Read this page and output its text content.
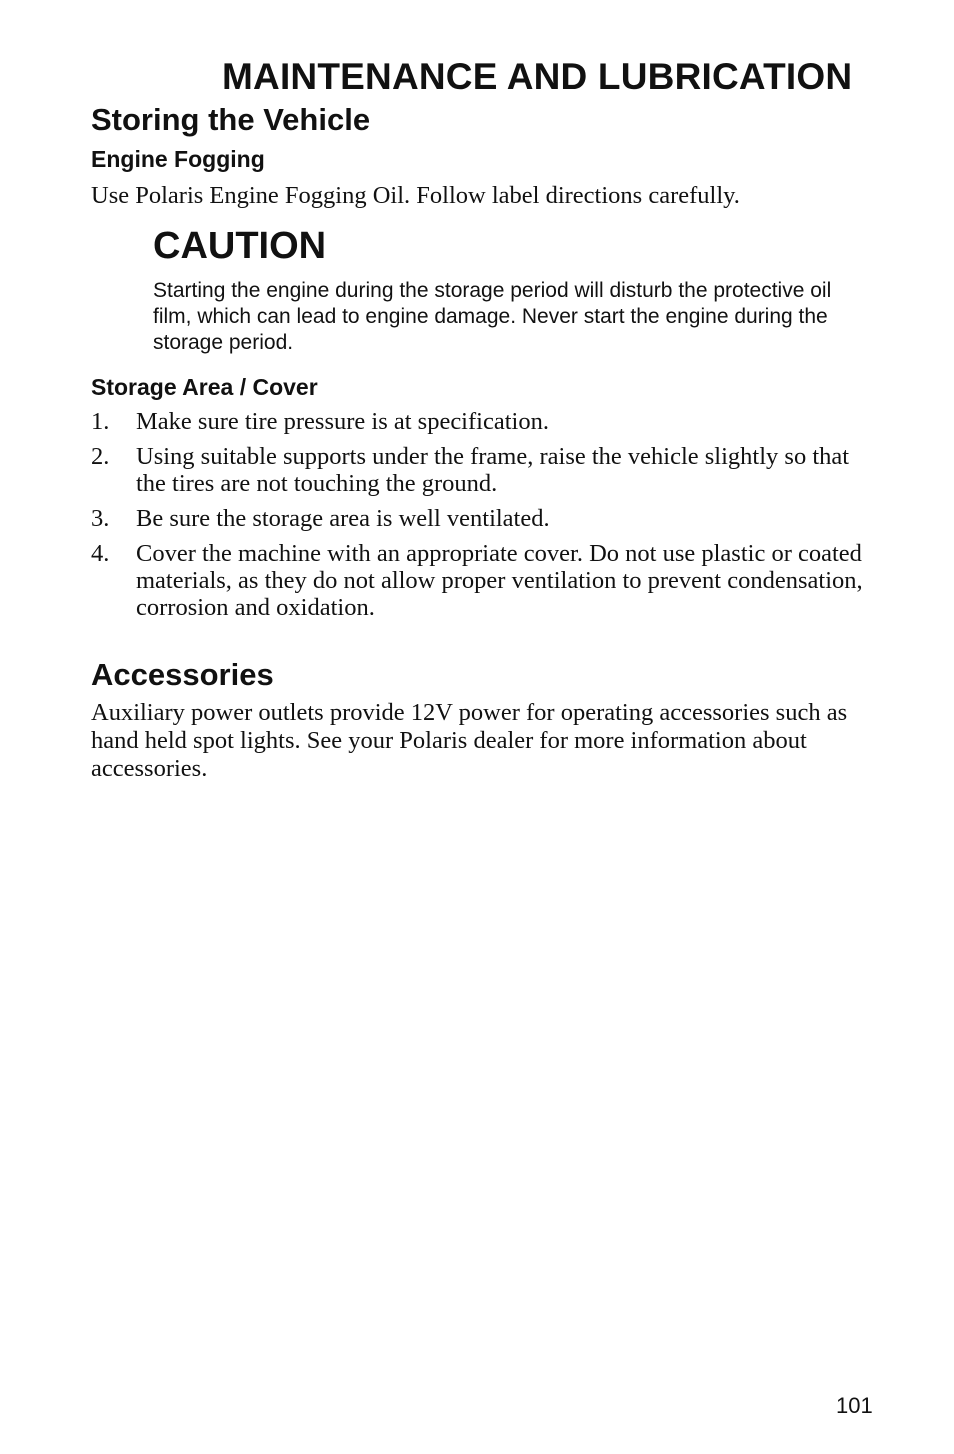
MAINTENANCE AND LUBRICATION
Storing the Vehicle
Engine Fogging

Use Polaris Engine Fogging Oil. Follow label directions carefully.

CAUTION

Starting the engine during the storage period will disturb the protective oil film, which can lead to engine damage. Never start the engine during the storage period.

Storage Area / Cover
1.	Make sure tire pressure is at specification.
2.	Using suitable supports under the frame, raise the vehicle slightly so that the tires are not touching the ground.
3.	Be sure the storage area is well ventilated.
4.	Cover the machine with an appropriate cover. Do not use plastic or coated materials, as they do not allow proper ventilation to prevent condensation, corrosion and oxidation.
Accessories

Auxiliary power outlets provide 12V power for operating accessories such as hand held spot lights. See your Polaris dealer for more information about accessories.

101
